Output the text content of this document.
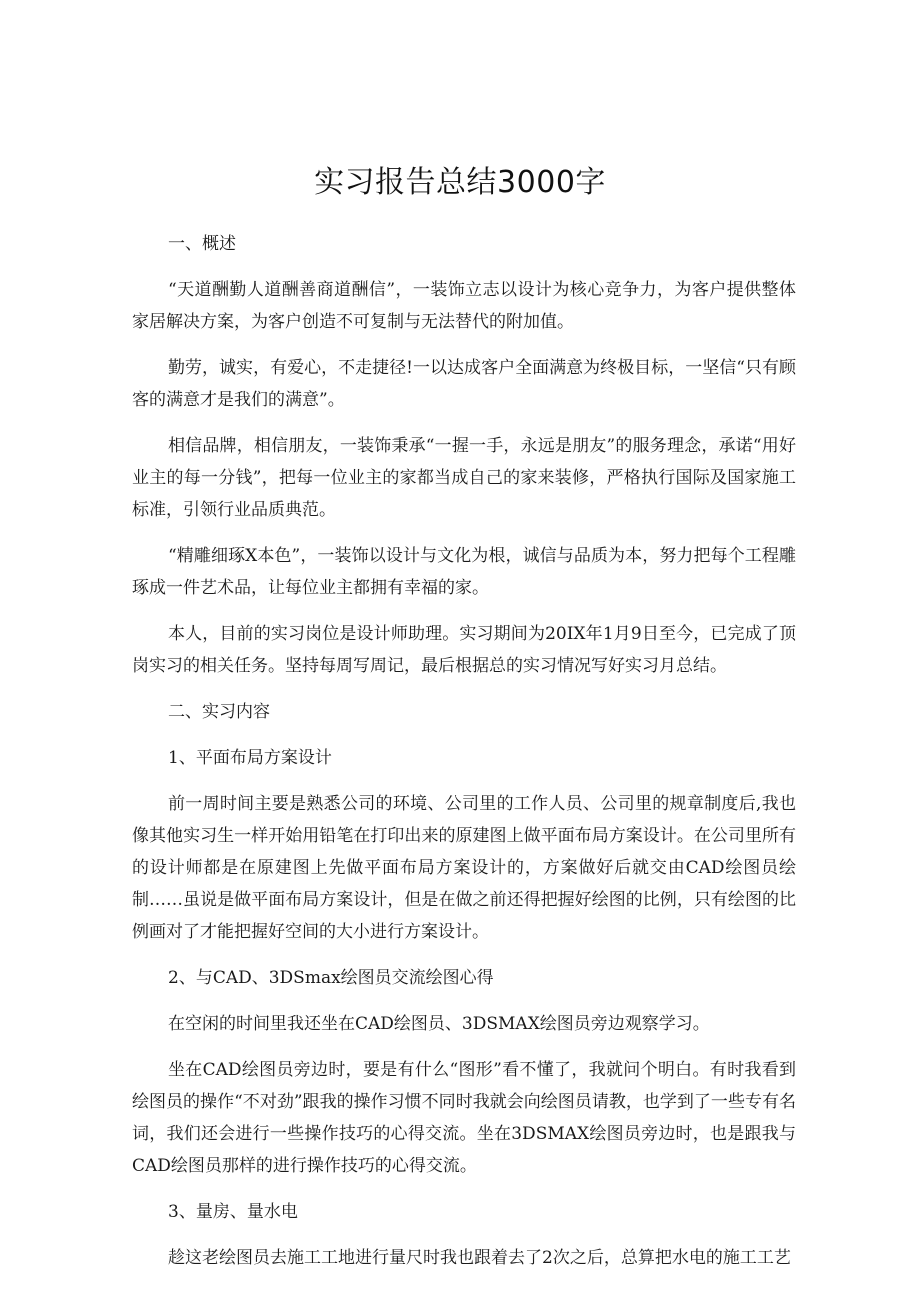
实习报告总结3000字
一、概述

“天道酬勤人道酬善商道酬信”，一装饰立志以设计为核心竞争力，为客户提供整体家居解决方案，为客户创造不可复制与无法替代的附加值。

勤劳，诚实，有爱心，不走捷径!一以达成客户全面满意为终极目标，一坚信“只有顾客的满意才是我们的满意”。

相信品牌，相信朋友，一装饰秉承“一握一手，永远是朋友”的服务理念，承诺“用好业主的每一分钱”，把每一位业主的家都当成自己的家来装修，严格执行国际及国家施工标准，引领行业品质典范。

“精雕细琢X本色”，一装饰以设计与文化为根，诚信与品质为本，努力把每个工程雕琢成一件艺术品，让每位业主都拥有幸福的家。

本人，目前的实习岗位是设计师助理。实习期间为20IX年1月9日至今，已完成了顶岗实习的相关任务。坚持每周写周记，最后根据总的实习情况写好实习月总结。

二、实习内容
1、平面布局方案设计

前一周时间主要是熟悉公司的环境、公司里的工作人员、公司里的规章制度后,我也像其他实习生一样开始用铅笔在打印出来的原建图上做平面布局方案设计。在公司里所有的设计师都是在原建图上先做平面布局方案设计的，方案做好后就交由CAD绘图员绘制……虽说是做平面布局方案设计，但是在做之前还得把握好绘图的比例，只有绘图的比例画对了才能把握好空间的大小进行方案设计。

2、与CAD、3DSmax绘图员交流绘图心得

在空闲的时间里我还坐在CAD绘图员、3DSMAX绘图员旁边观察学习。

坐在CAD绘图员旁边时，要是有什么“图形”看不懂了，我就问个明白。有时我看到绘图员的操作“不对劲”跟我的操作习惯不同时我就会向绘图员请教，也学到了一些专有名词，我们还会进行一些操作技巧的心得交流。坐在3DSMAX绘图员旁边时，也是跟我与CAD绘图员那样的进行操作技巧的心得交流。

3、量房、量水电

趁这老绘图员去施工工地进行量尺时我也跟着去了2次之后，总算把水电的施工工艺
